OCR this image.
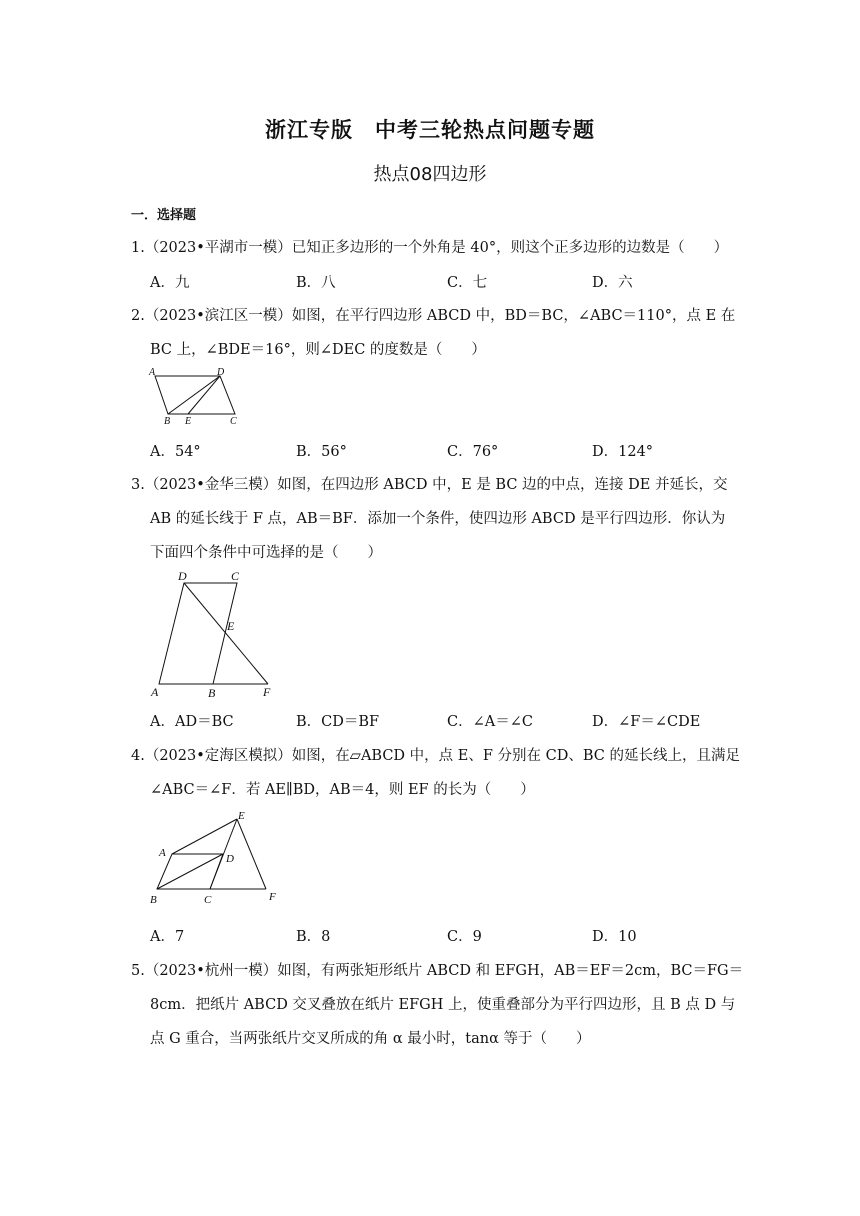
浙江专版　中考三轮热点问题专题
热点08四边形
一．选择题
1.（2023•平湖市一模）已知正多边形的一个外角是 40°，则这个正多边形的边数是（　　）
A．九	B．八	C．七	D．六
2.（2023•滨江区一模）如图，在平行四边形 ABCD 中，BD＝BC，∠ABC＝110°，点 E 在
BC 上，∠BDE＝16°，则∠DEC 的度数是（　　）
A	D
B E	C
A．54°	B．56°	C．76°	D．124°
3.（2023•金华三模）如图，在四边形 ABCD 中，E 是 BC 边的中点，连接 DE 并延长，交
AB 的延长线于 F 点，AB＝BF．添加一个条件，使四边形 ABCD 是平行四边形．你认为
下面四个条件中可选择的是（　　）
D	C
E
A	B	F
A．AD＝BC	B．CD＝BF	C．∠A＝∠C	D．∠F＝∠CDE
4.（2023•定海区模拟）如图，在▱ABCD 中，点 E、F 分别在 CD、BC 的延长线上，且满足
∠ABC＝∠F．若 AE∥BD，AB＝4，则 EF 的长为（　　）
E
A	D
B	C	F
A．7	B．8	C．9	D．10
5.（2023•杭州一模）如图，有两张矩形纸片 ABCD 和 EFGH，AB＝EF＝2cm，BC＝FG＝
8cm．把纸片 ABCD 交叉叠放在纸片 EFGH 上，使重叠部分为平行四边形，且 B 点 D 与
点 G 重合，当两张纸片交叉所成的角 α 最小时，tanα 等于（　　）
